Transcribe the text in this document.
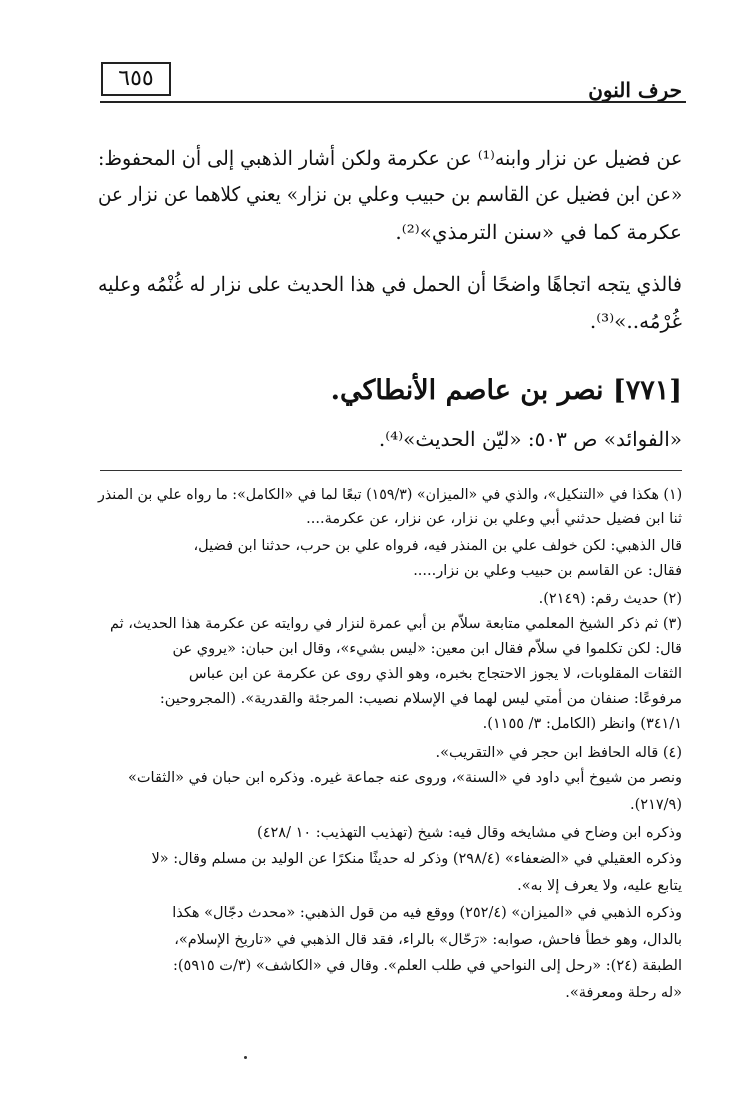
٦٥٥	حرف النون
عن فضيل عن نزار وابنه⁽¹⁾ عن عكرمة ولكن أشار الذهبي إلى أن المحفوظ:
«عن ابن فضيل عن القاسم بن حبيب وعلي بن نزار» يعني كلاهما عن نزار عن
عكرمة كما في «سنن الترمذي»⁽²⁾.
فالذي يتجه اتجاهًا واضحًا أن الحمل في هذا الحديث على نزار له غُنْمُه وعليه
غُرْمُه..»⁽³⁾.
[٧٧١] نصر بن عاصم الأنطاكي.
«الفوائد» ص ٥٠٣: «ليّن الحديث»⁽⁴⁾.
(١) هكذا في «التنكيل»، والذي في «الميزان» (١٥٩/٣) تبعًا لما في «الكامل»: ما رواه علي بن المنذر
ثنا ابن فضيل حدثني أبي وعلي بن نزار، عن نزار، عن عكرمة....
قال الذهبي: لكن خولف علي بن المنذر فيه، فرواه علي بن حرب، حدثنا ابن فضيل،
فقال: عن القاسم بن حبيب وعلي بن نزار.....
(٢) حديث رقم: (٢١٤٩).
(٣) ثم ذكر الشيخ المعلمي متابعة سلاّم بن أبي عمرة لنزار في روايته عن عكرمة هذا الحديث، ثم
قال: لكن تكلموا في سلاّم فقال ابن معين: «ليس بشيء»، وقال ابن حبان: «يروي عن
الثقات المقلوبات، لا يجوز الاحتجاج بخبره، وهو الذي روى عن عكرمة عن ابن عباس
مرفوعًا: صنفان من أمتي ليس لهما في الإسلام نصيب: المرجئة والقدرية». (المجروحين:
٣٤١/١) وانظر (الكامل: ٣/ ١١٥٥).
(٤) قاله الحافظ ابن حجر في «التقريب».
ونصر من شيوخ أبي داود في «السنة»، وروى عنه جماعة غيره. وذكره ابن حبان في «الثقات»
(٢١٧/٩).
وذكره ابن وضاح في مشايخه وقال فيه: شيخ (تهذيب التهذيب: ١٠ /٤٢٨)
وذكره العقيلي في «الضعفاء» (٢٩٨/٤) وذكر له حديثًا منكرًا عن الوليد بن مسلم وقال: «لا
يتابع عليه، ولا يعرف إلا به».
وذكره الذهبي في «الميزان» (٢٥٢/٤) ووقع فيه من قول الذهبي: «محدث دجّال» هكذا
بالدال، وهو خطأ فاحش، صوابه: «رَحّال» بالراء، فقد قال الذهبي في «تاريخ الإسلام»،
الطبقة (٢٤): «رحل إلى النواحي في طلب العلم». وقال في «الكاشف» (٣/ت ٥٩١٥):
«له رحلة ومعرفة».
